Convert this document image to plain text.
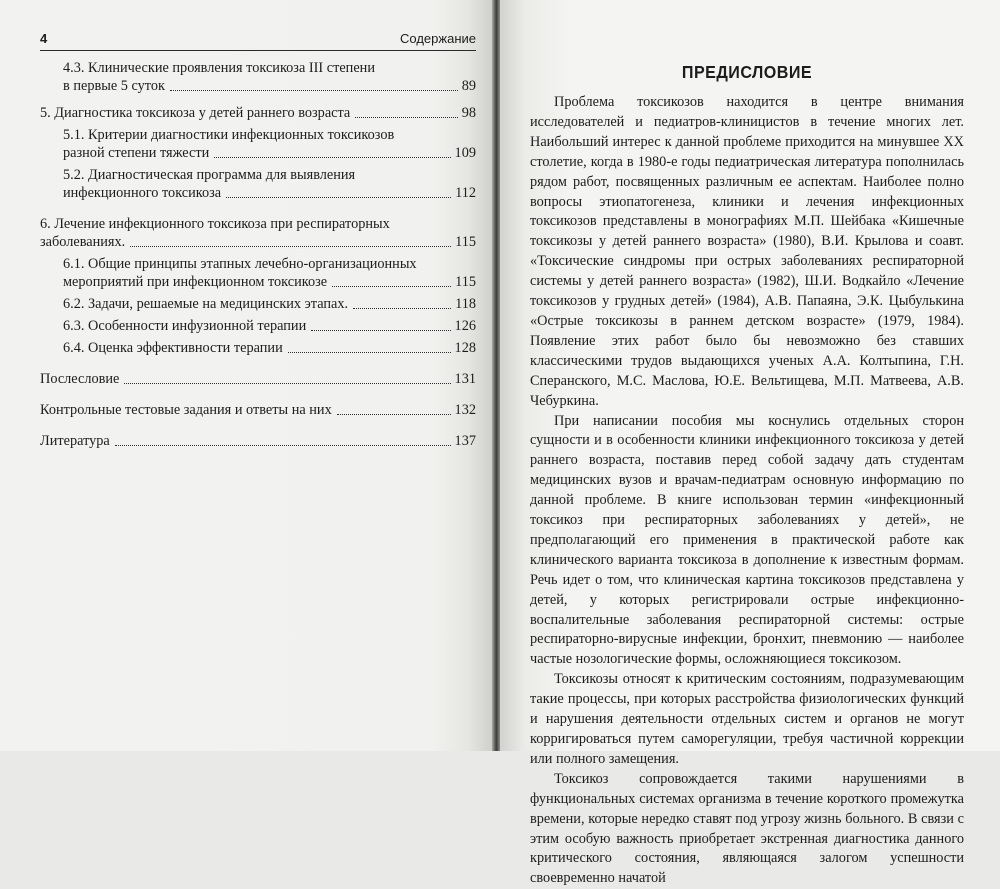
4	Содержание
4.3. Клинические проявления токсикоза III степени
в первые 5 суток	89
5. Диагностика токсикоза у детей раннего возраста	98
5.1. Критерии диагностики инфекционных токсикозов
разной степени тяжести	109
5.2. Диагностическая программа для выявления
инфекционного токсикоза	112
6. Лечение инфекционного токсикоза при респираторных
заболеваниях.	115
6.1. Общие принципы этапных лечебно-организационных
мероприятий при инфекционном токсикозе	115
6.2. Задачи, решаемые на медицинских этапах.	118
6.3. Особенности инфузионной терапии	126
6.4. Оценка эффективности терапии	128
Послесловие	131
Контрольные тестовые задания и ответы на них	132
Литература	137
ПРЕДИСЛОВИЕ

Проблема токсикозов находится в центре внимания исследователей и педиатров-клиницистов в течение многих лет. Наибольший интерес к данной проблеме приходится на минувшее XX столетие, когда в 1980-е годы педиатрическая литература пополнилась рядом работ, посвященных различным ее аспектам. Наиболее полно вопросы этиопатогенеза, клиники и лечения инфекционных токсикозов представлены в монографиях М.П. Шейбака «Кишечные токсикозы у детей раннего возраста» (1980), В.И. Крылова и соавт. «Токсические синдромы при острых заболеваниях респираторной системы у детей раннего возраста» (1982), Ш.И. Водкайло «Лечение токсикозов у грудных детей» (1984), А.В. Папаяна, Э.К. Цыбулькина «Острые токсикозы в раннем детском возрасте» (1979, 1984). Появление этих работ было бы невозможно без ставших классическими трудов выдающихся ученых А.А. Колтыпина, Г.Н. Сперанского, М.С. Маслова, Ю.Е. Вельтищева, М.П. Матвеева, А.В. Чебуркина.

При написании пособия мы коснулись отдельных сторон сущности и в особенности клиники инфекционного токсикоза у детей раннего возраста, поставив перед собой задачу дать студентам медицинских вузов и врачам-педиатрам основную информацию по данной проблеме. В книге использован термин «инфекционный токсикоз при респираторных заболеваниях у детей», не предполагающий его применения в практической работе как клинического варианта токсикоза в дополнение к известным формам. Речь идет о том, что клиническая картина токсикозов представлена у детей, у которых регистрировали острые инфекционно-воспалительные заболевания респираторной системы: острые респираторно-вирусные инфекции, бронхит, пневмонию — наиболее частые нозологические формы, осложняющиеся токсикозом.

Токсикозы относят к критическим состояниям, подразумевающим такие процессы, при которых расстройства физиологических функций и нарушения деятельности отдельных систем и органов не могут корригироваться путем саморегуляции, требуя частичной коррекции или полного замещения.

Токсикоз сопровождается такими нарушениями в функциональных системах организма в течение короткого промежутка времени, которые нередко ставят под угрозу жизнь больного. В связи с этим особую важность приобретает экстренная диагностика данного критического состояния, являющаяся залогом успешности своевременно начатой
